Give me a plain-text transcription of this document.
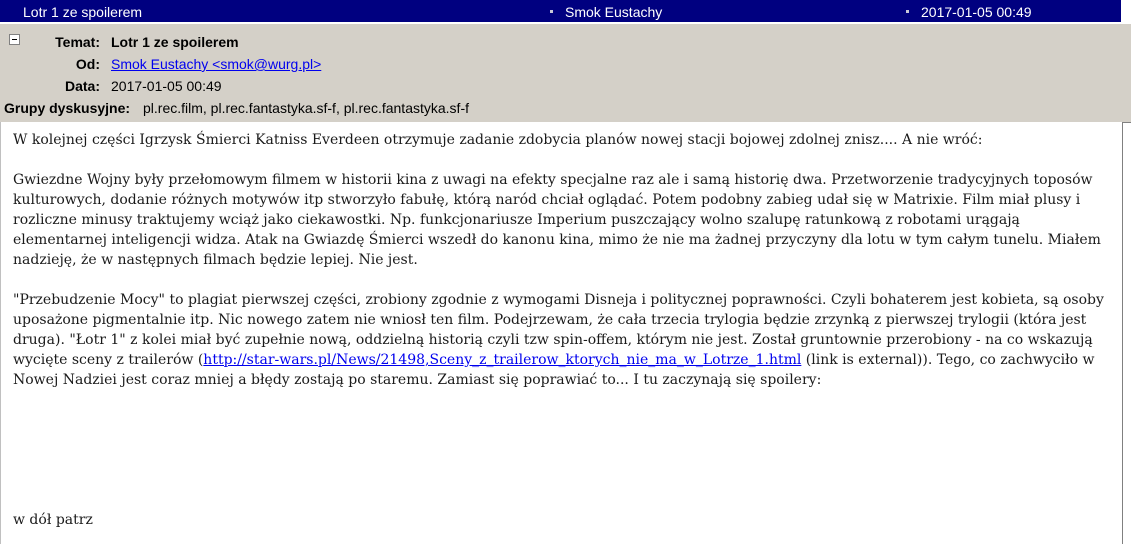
Lotr 1 ze spoilerem	Smok Eustachy	2017-01-05 00:49
Temat: Lotr 1 ze spoilerem
Od: Smok Eustachy <smok@wurg.pl>
Data: 2017-01-05 00:49
Grupy dyskusyjne: pl.rec.film, pl.rec.fantastyka.sf-f, pl.rec.fantastyka.sf-f

W kolejnej części Igrzysk Śmierci Katniss Everdeen otrzymuje zadanie zdobycia planów nowej stacji bojowej zdolnej znisz.... A nie wróć:

Gwiezdne Wojny były przełomowym filmem w historii kina z uwagi na efekty specjalne raz ale i samą historię dwa. Przetworzenie tradycyjnych toposów kulturowych, dodanie różnych motywów itp stworzyło fabułę, którą naród chciał oglądać. Potem podobny zabieg udał się w Matrixie. Film miał plusy i rozliczne minusy traktujemy wciąż jako ciekawostki. Np. funkcjonariusze Imperium puszczający wolno szalupę ratunkową z robotami urągają elementarnej inteligencji widza. Atak na Gwiazdę Śmierci wszedł do kanonu kina, mimo że nie ma żadnej przyczyny dla lotu w tym całym tunelu. Miałem nadzieję, że w następnych filmach będzie lepiej. Nie jest.

"Przebudzenie Mocy" to plagiat pierwszej części, zrobiony zgodnie z wymogami Disneja i politycznej poprawności. Czyli bohaterem jest kobieta, są osoby uposażone pigmentalnie itp. Nic nowego zatem nie wniosł ten film. Podejrzewam, że cała trzecia trylogia będzie zrzynką z pierwszej trylogii (która jest druga). "Łotr 1" z kolei miał być zupełnie nową, oddzielną historią czyli tzw spin-offem, którym nie jest. Został gruntownie przerobiony - na co wskazują wycięte sceny z trailerów (http://star-wars.pl/News/21498,Sceny_z_trailerow_ktorych_nie_ma_w_Lotrze_1.html (link is external)). Tego, co zachwyciło w Nowej Nadziei jest coraz mniej a błędy zostają po staremu. Zamiast się poprawiać to... I tu zaczynają się spoilery:

w dół patrz
